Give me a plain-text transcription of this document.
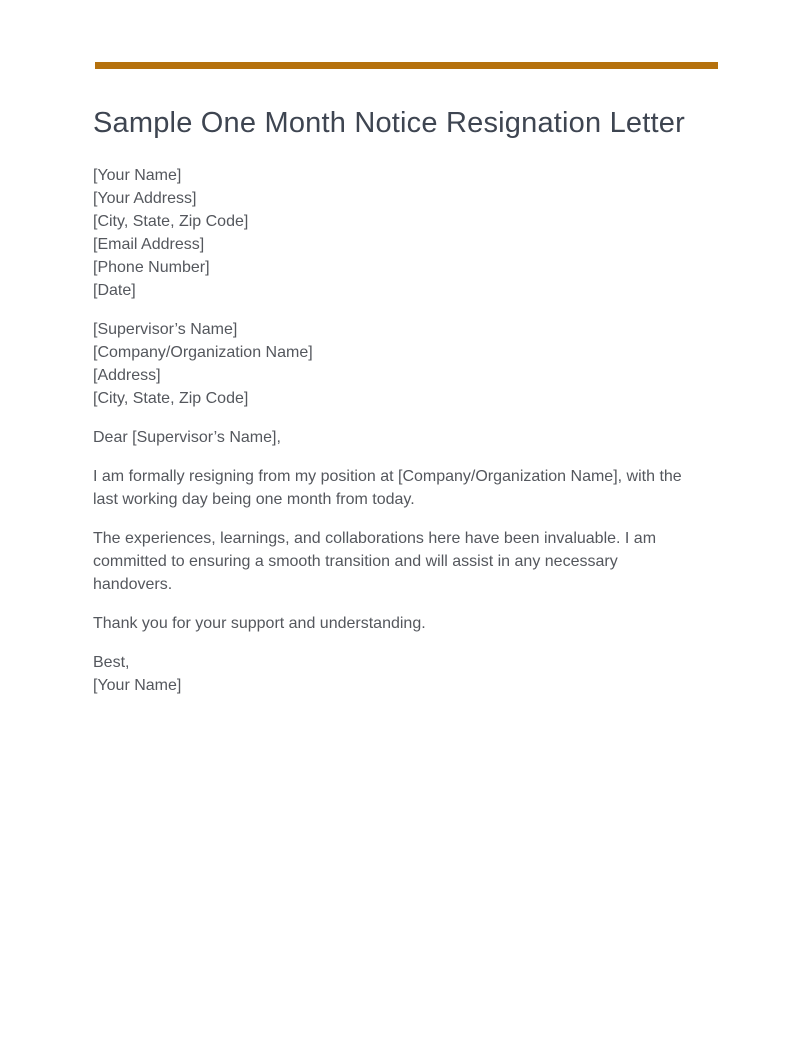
Sample One Month Notice Resignation Letter
[Your Name]
[Your Address]
[City, State, Zip Code]
[Email Address]
[Phone Number]
[Date]
[Supervisor’s Name]
[Company/Organization Name]
[Address]
[City, State, Zip Code]

Dear [Supervisor’s Name],

I am formally resigning from my position at [Company/Organization Name], with the last working day being one month from today.

The experiences, learnings, and collaborations here have been invaluable. I am committed to ensuring a smooth transition and will assist in any necessary handovers.

Thank you for your support and understanding.

Best,
[Your Name]
